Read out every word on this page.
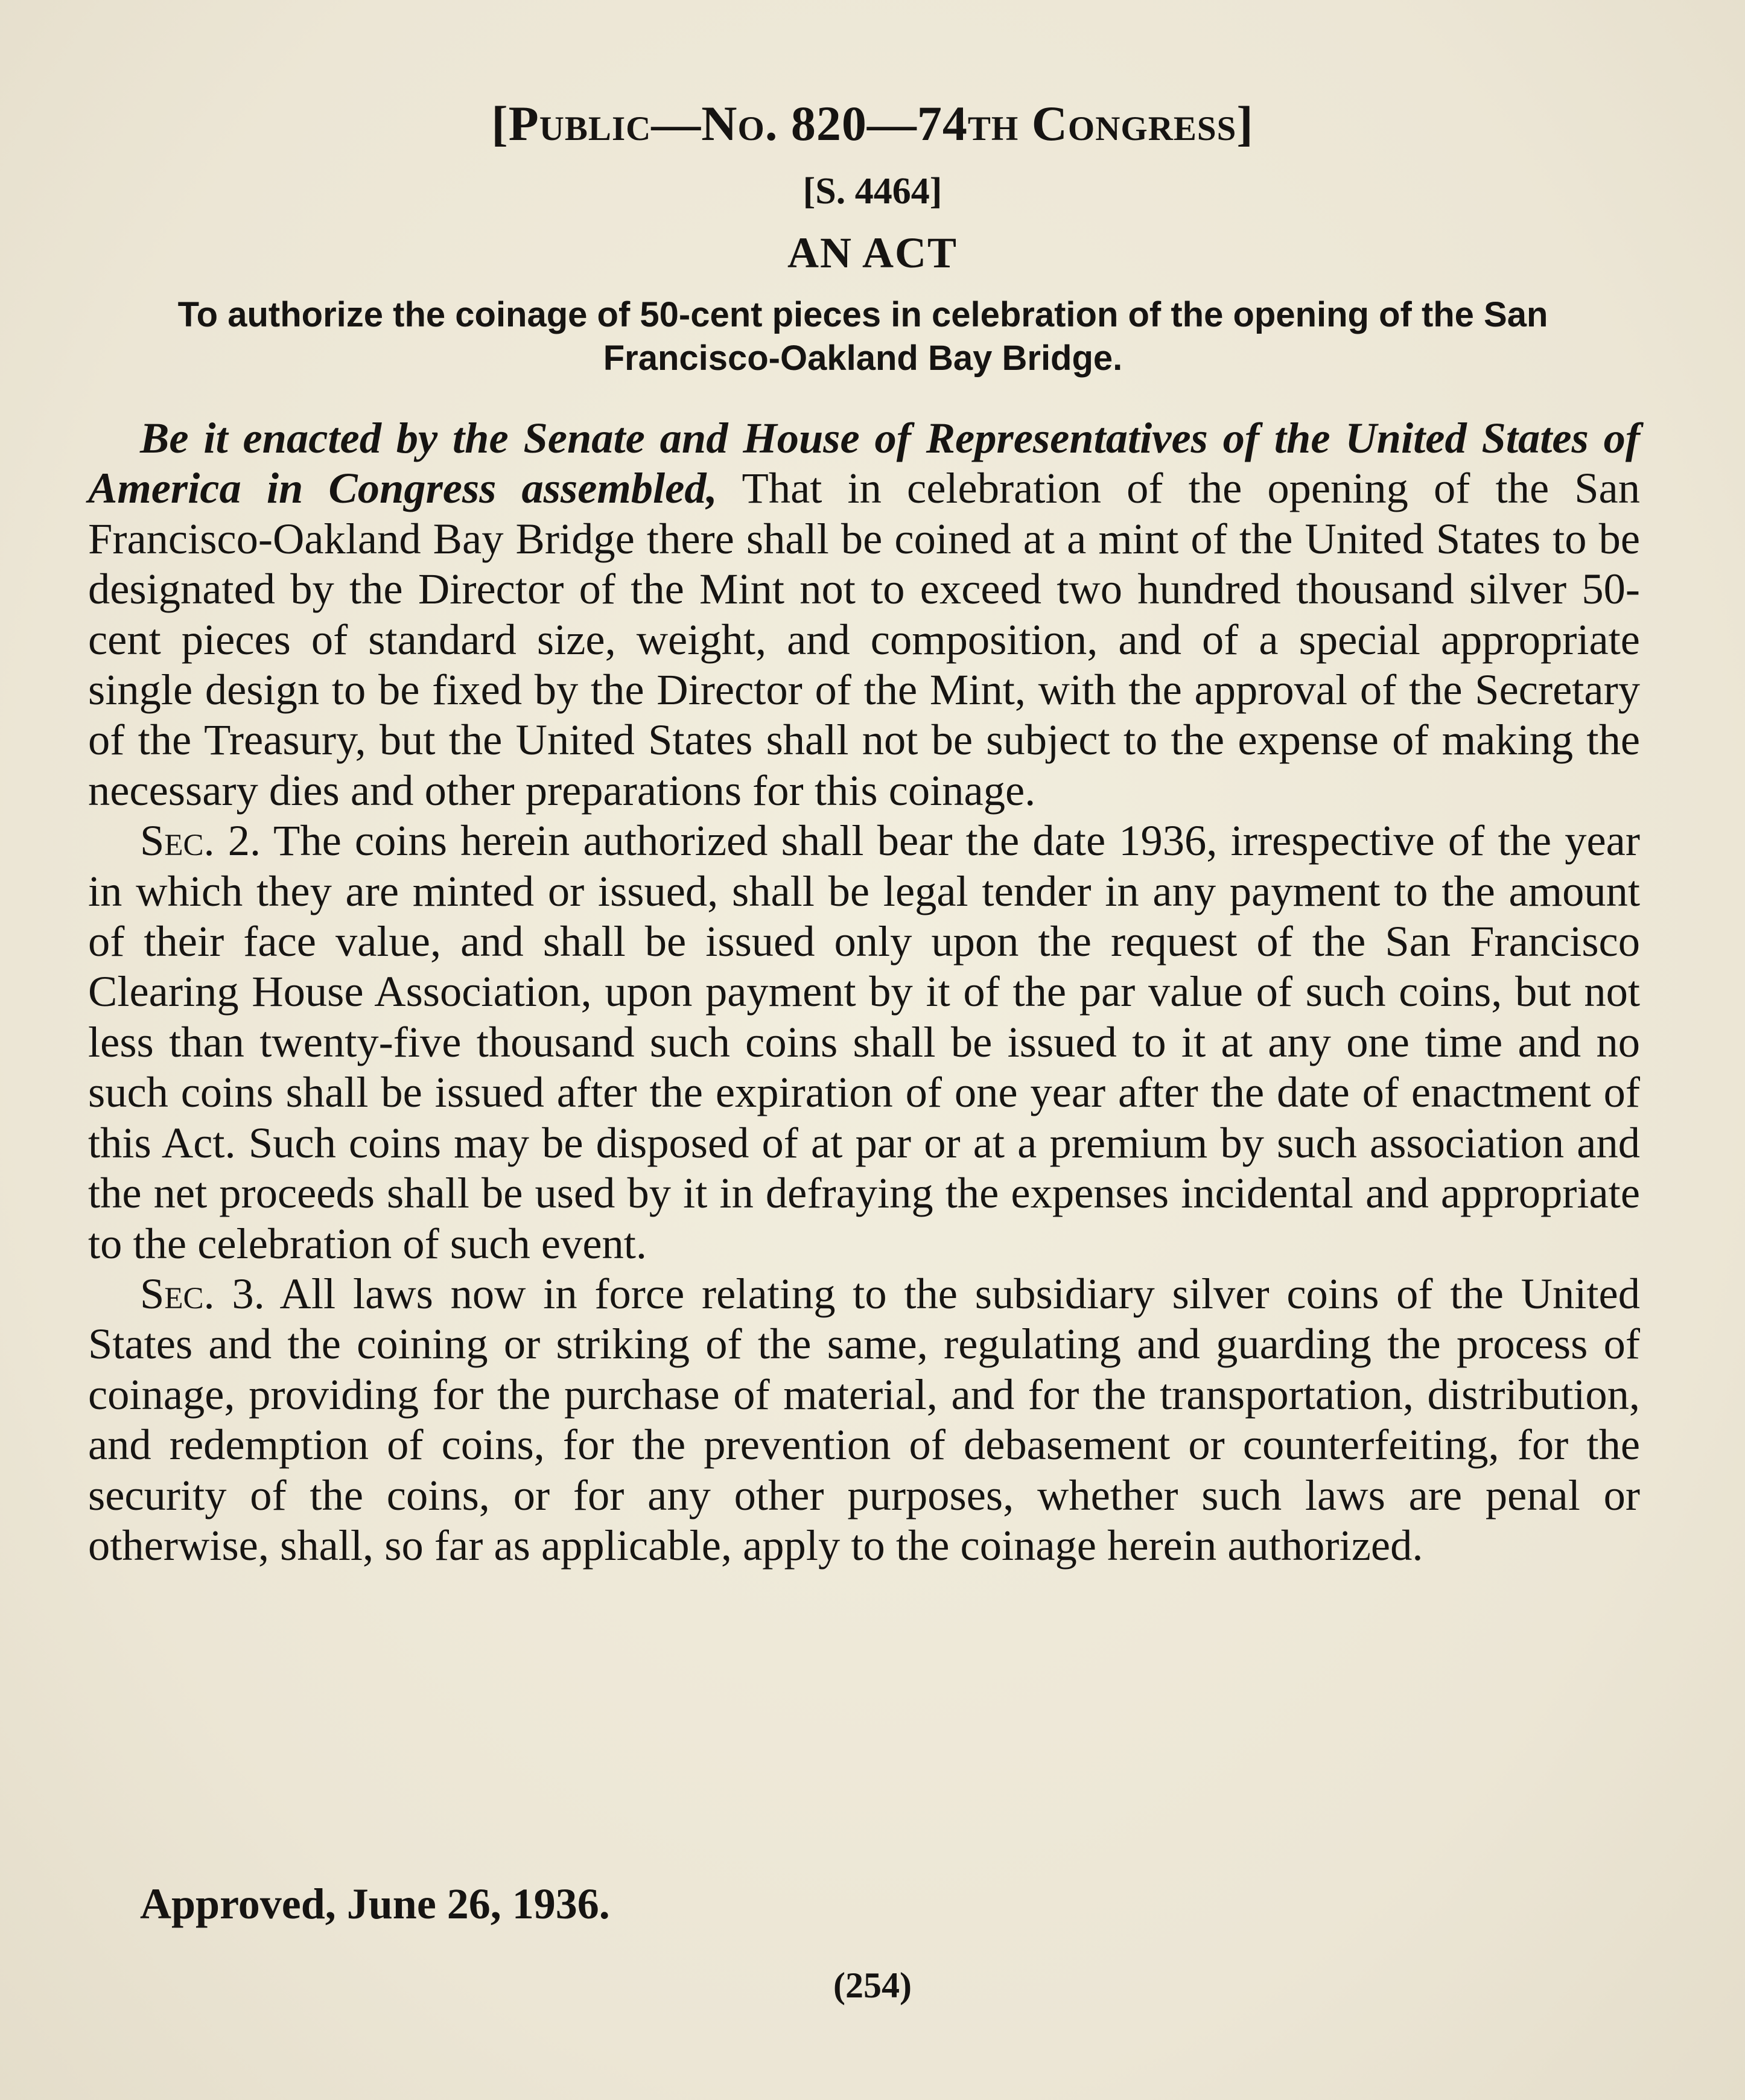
[Public—No. 820—74th Congress]
[S. 4464]
AN ACT
To authorize the coinage of 50-cent pieces in celebration of the opening of the San Francisco-Oakland Bay Bridge.

Be it enacted by the Senate and House of Representatives of the United States of America in Congress assembled, That in celebration of the opening of the San Francisco-Oakland Bay Bridge there shall be coined at a mint of the United States to be designated by the Director of the Mint not to exceed two hundred thousand silver 50-cent pieces of standard size, weight, and composition, and of a special appropriate single design to be fixed by the Director of the Mint, with the approval of the Secretary of the Treasury, but the United States shall not be subject to the expense of making the necessary dies and other preparations for this coinage.

Sec. 2. The coins herein authorized shall bear the date 1936, irrespective of the year in which they are minted or issued, shall be legal tender in any payment to the amount of their face value, and shall be issued only upon the request of the San Francisco Clearing House Association, upon payment by it of the par value of such coins, but not less than twenty-five thousand such coins shall be issued to it at any one time and no such coins shall be issued after the expiration of one year after the date of enactment of this Act. Such coins may be disposed of at par or at a premium by such association and the net proceeds shall be used by it in defraying the expenses incidental and appropriate to the celebration of such event.

Sec. 3. All laws now in force relating to the subsidiary silver coins of the United States and the coining or striking of the same, regulating and guarding the process of coinage, providing for the purchase of material, and for the transportation, distribution, and redemption of coins, for the prevention of debasement or counterfeiting, for the security of the coins, or for any other purposes, whether such laws are penal or otherwise, shall, so far as applicable, apply to the coinage herein authorized.

Approved, June 26, 1936.
(254)
